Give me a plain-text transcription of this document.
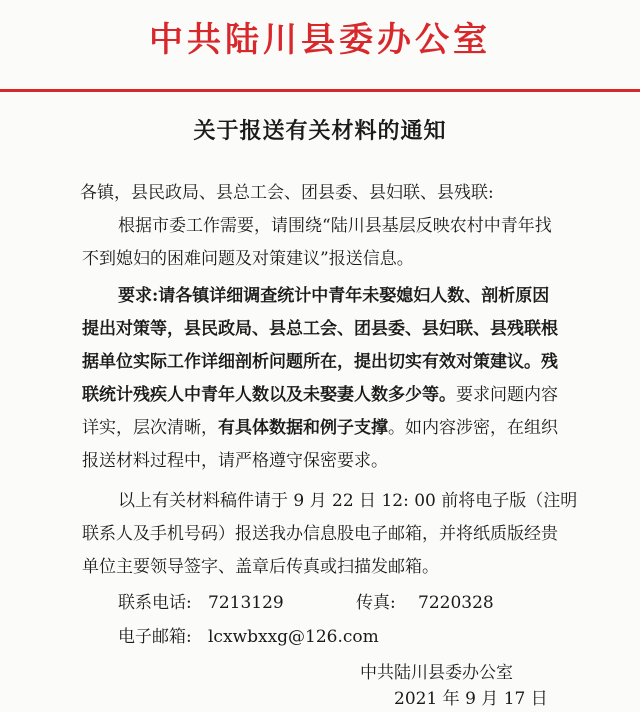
中共陆川县委办公室
关于报送有关材料的通知
各镇，县民政局、县总工会、团县委、县妇联、县残联:
根据市委工作需要，请围绕“陆川县基层反映农村中青年找
不到媳妇的困难问题及对策建议”报送信息。
要求:请各镇详细调查统计中青年未娶媳妇人数、剖析原因
提出对策等，县民政局、县总工会、团县委、县妇联、县残联根
据单位实际工作详细剖析问题所在，提出切实有效对策建议。残
联统计残疾人中青年人数以及未娶妻人数多少等。要求问题内容
详实，层次清晰，有具体数据和例子支撑。如内容涉密，在组织
报送材料过程中，请严格遵守保密要求。
以上有关材料稿件请于 9 月 22 日 12: 00 前将电子版（注明
联系人及手机号码）报送我办信息股电子邮箱，并将纸质版经贵
单位主要领导签字、盖章后传真或扫描发邮箱。
联系电话: 7213129	传真: 7220328
电子邮箱: lcxwbxxg@126.com
中共陆川县委办公室
2021 年 9 月 17 日
